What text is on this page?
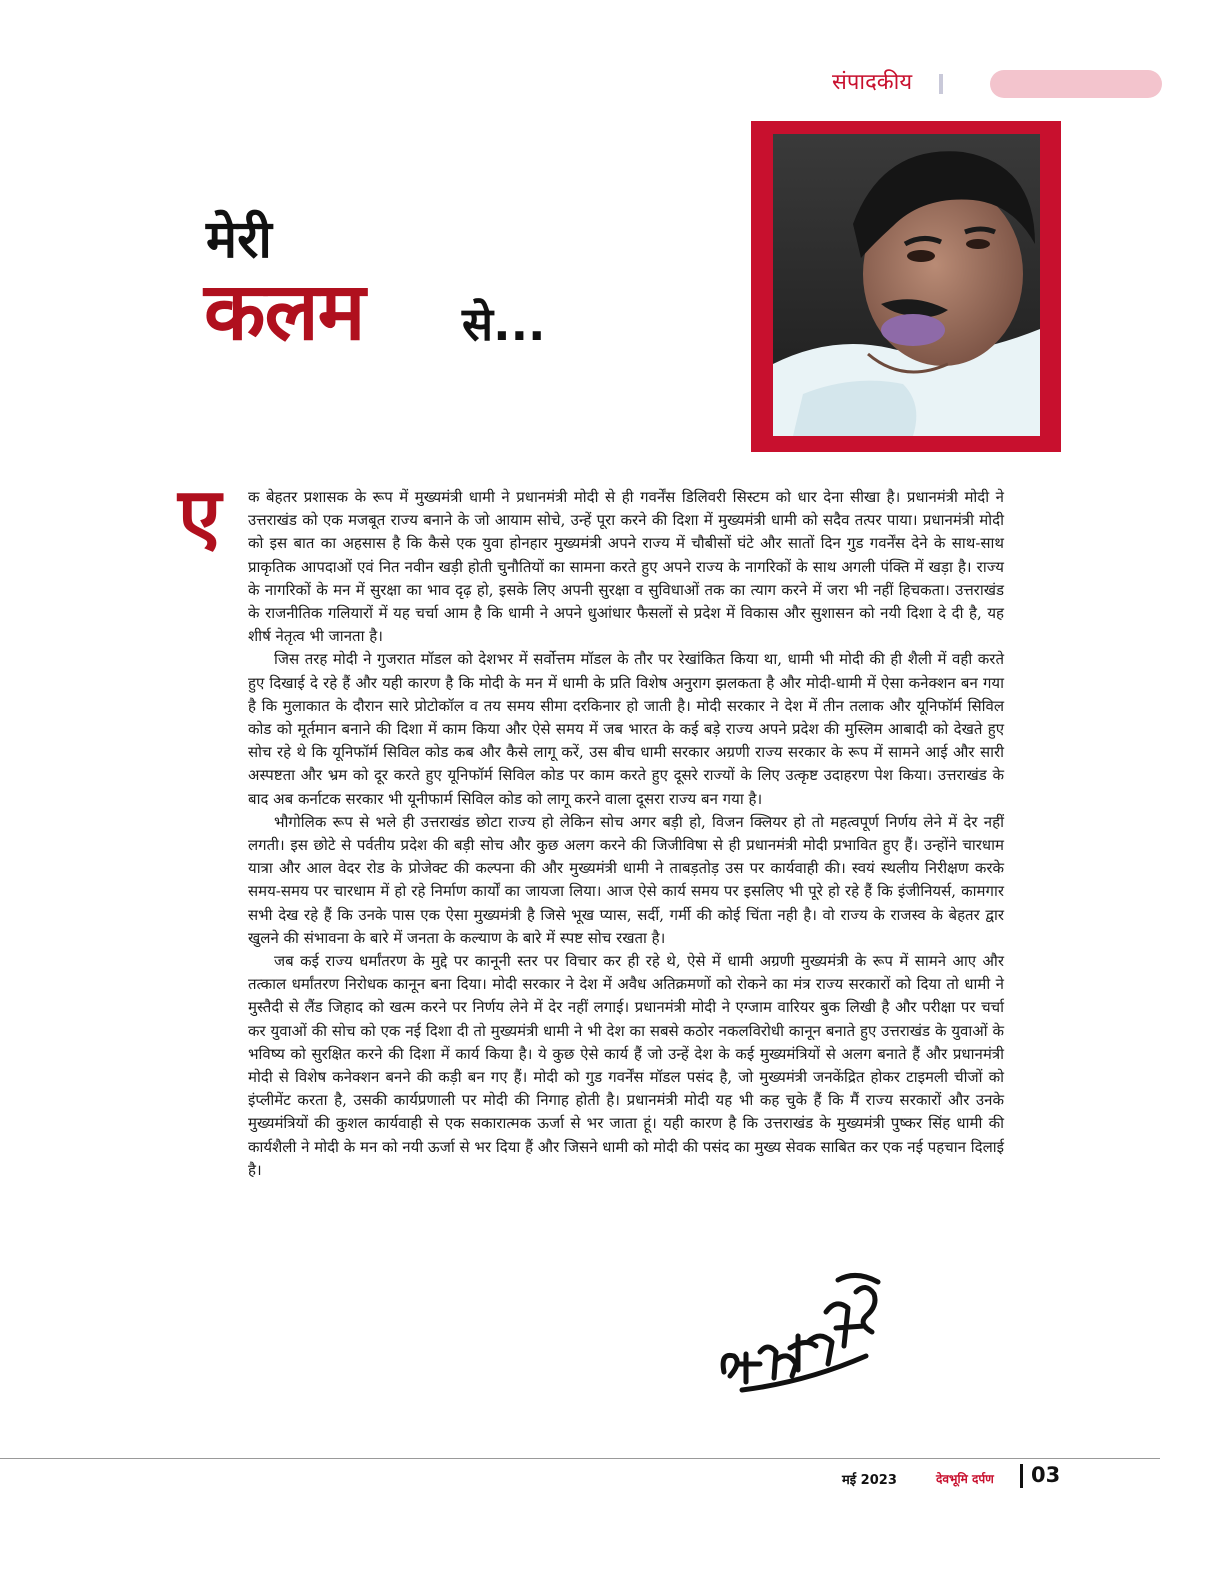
संपादकीय
मेरी
कलम से...
ए क बेहतर प्रशासक के रूप में मुख्यमंत्री धामी ने प्रधानमंत्री मोदी से ही गवर्नेंस डिलिवरी सिस्टम को धार देना सीखा है। प्रधानमंत्री मोदी ने उत्तराखंड को एक मजबूत राज्य बनाने के जो आयाम सोचे, उन्हें पूरा करने की दिशा में मुख्यमंत्री धामी को सदैव तत्पर पाया। प्रधानमंत्री मोदी को इस बात का अहसास है कि कैसे एक युवा होनहार मुख्यमंत्री अपने राज्य में चौबीसों घंटे और सातों दिन गुड गवर्नेंस देने के साथ-साथ प्राकृतिक आपदाओं एवं नित नवीन खड़ी होती चुनौतियों का सामना करते हुए अपने राज्य के नागरिकों के साथ अगली पंक्ति में खड़ा है। राज्य के नागरिकों के मन में सुरक्षा का भाव दृढ़ हो, इसके लिए अपनी सुरक्षा व सुविधाओं तक का त्याग करने में जरा भी नहीं हिचकता। उत्तराखंड के राजनीतिक गलियारों में यह चर्चा आम है कि धामी ने अपने धुआंधार फैसलों से प्रदेश में विकास और सुशासन को नयी दिशा दे दी है, यह शीर्ष नेतृत्व भी जानता है।

जिस तरह मोदी ने गुजरात मॉडल को देशभर में सर्वोत्तम मॉडल के तौर पर रेखांकित किया था, धामी भी मोदी की ही शैली में वही करते हुए दिखाई दे रहे हैं और यही कारण है कि मोदी के मन में धामी के प्रति विशेष अनुराग झलकता है और मोदी-धामी में ऐसा कनेक्शन बन गया है कि मुलाकात के दौरान सारे प्रोटोकॉल व तय समय सीमा दरकिनार हो जाती है। मोदी सरकार ने देश में तीन तलाक और यूनिफॉर्म सिविल कोड को मूर्तमान बनाने की दिशा में काम किया और ऐसे समय में जब भारत के कई बड़े राज्य अपने प्रदेश की मुस्लिम आबादी को देखते हुए सोच रहे थे कि यूनिफॉर्म सिविल कोड कब और कैसे लागू करें, उस बीच धामी सरकार अग्रणी राज्य सरकार के रूप में सामने आई और सारी अस्पष्टता और भ्रम को दूर करते हुए यूनिफॉर्म सिविल कोड पर काम करते हुए दूसरे राज्यों के लिए उत्कृष्ट उदाहरण पेश किया। उत्तराखंड के बाद अब कर्नाटक सरकार भी यूनीफार्म सिविल कोड को लागू करने वाला दूसरा राज्य बन गया है।

भौगोलिक रूप से भले ही उत्तराखंड छोटा राज्य हो लेकिन सोच अगर बड़ी हो, विजन क्लियर हो तो महत्वपूर्ण निर्णय लेने में देर नहीं लगती। इस छोटे से पर्वतीय प्रदेश की बड़ी सोच और कुछ अलग करने की जिजीविषा से ही प्रधानमंत्री मोदी प्रभावित हुए हैं। उन्होंने चारधाम यात्रा और आल वेदर रोड के प्रोजेक्ट की कल्पना की और मुख्यमंत्री धामी ने ताबड़तोड़ उस पर कार्यवाही की। स्वयं स्थलीय निरीक्षण करके समय-समय पर चारधाम में हो रहे निर्माण कार्यों का जायजा लिया। आज ऐसे कार्य समय पर इसलिए भी पूरे हो रहे हैं कि इंजीनियर्स, कामगार सभी देख रहे हैं कि उनके पास एक ऐसा मुख्यमंत्री है जिसे भूख प्यास, सर्दी, गर्मी की कोई चिंता नही है। वो राज्य के राजस्व के बेहतर द्वार खुलने की संभावना के बारे में जनता के कल्याण के बारे में स्पष्ट सोच रखता है।

जब कई राज्य धर्मांतरण के मुद्दे पर कानूनी स्तर पर विचार कर ही रहे थे, ऐसे में धामी अग्रणी मुख्यमंत्री के रूप में सामने आए और तत्काल धर्मांतरण निरोधक कानून बना दिया। मोदी सरकार ने देश में अवैध अतिक्रमणों को रोकने का मंत्र राज्य सरकारों को दिया तो धामी ने मुस्तैदी से लैंड जिहाद को खत्म करने पर निर्णय लेने में देर नहीं लगाई। प्रधानमंत्री मोदी ने एग्जाम वारियर बुक लिखी है और परीक्षा पर चर्चा कर युवाओं की सोच को एक नई दिशा दी तो मुख्यमंत्री धामी ने भी देश का सबसे कठोर नकलविरोधी कानून बनाते हुए उत्तराखंड के युवाओं के भविष्य को सुरक्षित करने की दिशा में कार्य किया है। ये कुछ ऐसे कार्य हैं जो उन्हें देश के कई मुख्यमंत्रियों से अलग बनाते हैं और प्रधानमंत्री मोदी से विशेष कनेक्शन बनने की कड़ी बन गए हैं। मोदी को गुड गवर्नेंस मॉडल पसंद है, जो मुख्यमंत्री जनकेंद्रित होकर टाइमली चीजों को इंप्लीमेंट करता है, उसकी कार्यप्रणाली पर मोदी की निगाह होती है। प्रधानमंत्री मोदी यह भी कह चुके हैं कि मैं राज्य सरकारों और उनके मुख्यमंत्रियों की कुशल कार्यवाही से एक सकारात्मक ऊर्जा से भर जाता हूं। यही कारण है कि उत्तराखंड के मुख्यमंत्री पुष्कर सिंह धामी की कार्यशैली ने मोदी के मन को नयी ऊर्जा से भर दिया हैं और जिसने धामी को मोदी की पसंद का मुख्य सेवक साबित कर एक नई पहचान दिलाई है।

मई 2023	देवभूमि दर्पण 03
